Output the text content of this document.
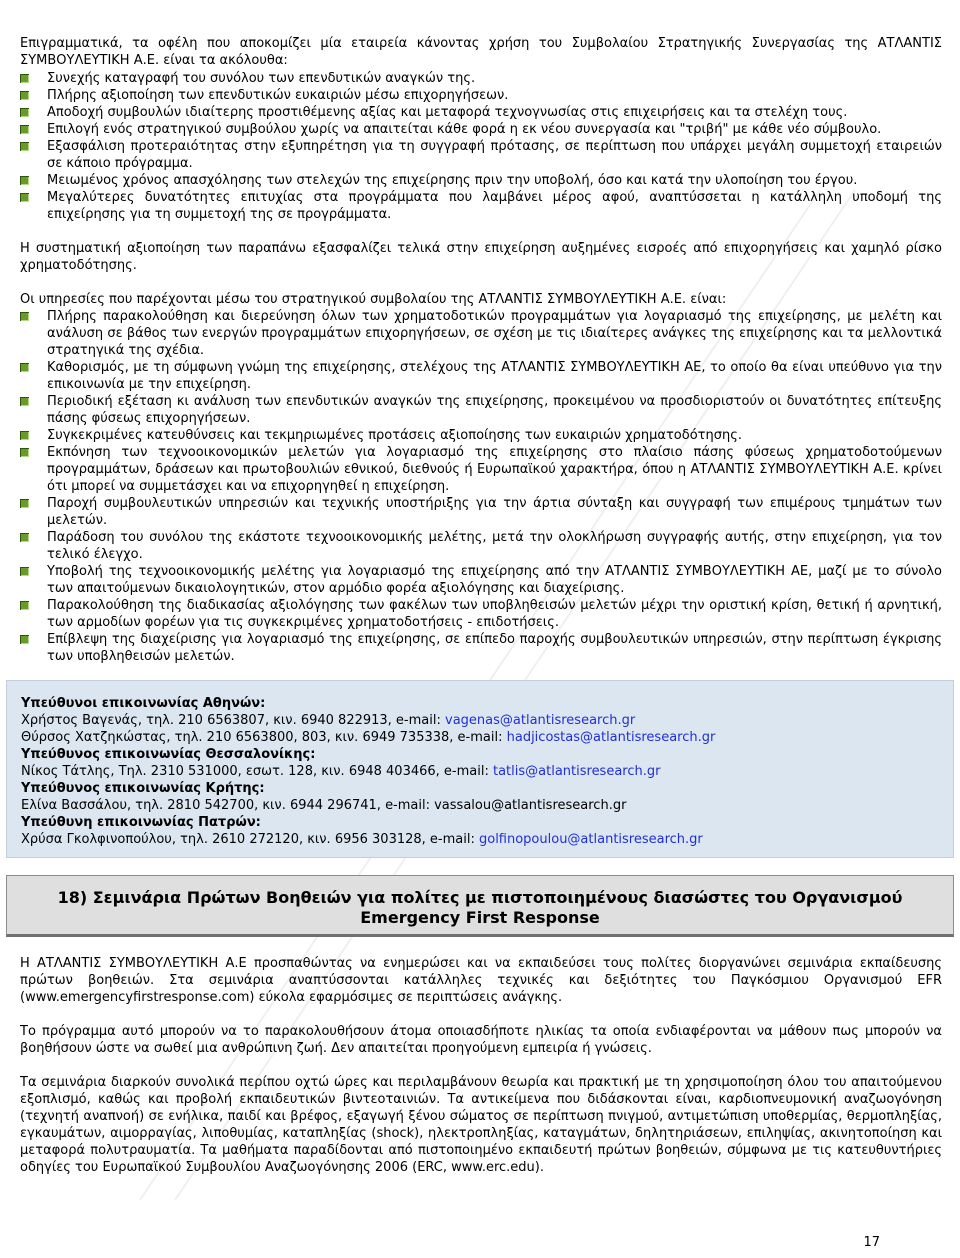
Επιγραμματικά, τα οφέλη που αποκομίζει μία εταιρεία κάνοντας χρήση του Συμβολαίου Στρατηγικής Συνεργασίας της ΑΤΛΑΝΤΙΣ ΣΥΜΒΟΥΛΕΥΤΙΚΗ Α.Ε. είναι τα ακόλουθα:

Συνεχής καταγραφή του συνόλου των επενδυτικών αναγκών της.
Πλήρης αξιοποίηση των επενδυτικών ευκαιριών μέσω επιχορηγήσεων.
Αποδοχή συμβουλών ιδιαίτερης προστιθέμενης αξίας και μεταφορά τεχνογνωσίας στις επιχειρήσεις και τα στελέχη τους.
Επιλογή ενός στρατηγικού συμβούλου χωρίς να απαιτείται κάθε φορά η εκ νέου συνεργασία και "τριβή" με κάθε νέο σύμβουλο.
Εξασφάλιση προτεραιότητας στην εξυπηρέτηση για τη συγγραφή πρότασης, σε περίπτωση που υπάρχει μεγάλη συμμετοχή εταιρειών σε κάποιο πρόγραμμα.
Μειωμένος χρόνος απασχόλησης των στελεχών της επιχείρησης πριν την υποβολή, όσο και κατά την υλοποίηση του έργου.
Μεγαλύτερες δυνατότητες επιτυχίας στα προγράμματα που λαμβάνει μέρος αφού, αναπτύσσεται η κατάλληλη υποδομή της επιχείρησης για τη συμμετοχή της σε προγράμματα.

Η συστηματική αξιοποίηση των παραπάνω εξασφαλίζει τελικά στην επιχείρηση αυξημένες εισροές από επιχορηγήσεις και χαμηλό ρίσκο χρηματοδότησης.

Οι υπηρεσίες που παρέχονται μέσω του στρατηγικού συμβολαίου της ΑΤΛΑΝΤΙΣ ΣΥΜΒΟΥΛΕΥΤΙΚΗ Α.Ε. είναι:

Πλήρης παρακολούθηση και διερεύνηση όλων των χρηματοδοτικών προγραμμάτων για λογαριασμό της επιχείρησης, με μελέτη και ανάλυση σε βάθος των ενεργών προγραμμάτων επιχορηγήσεων, σε σχέση με τις ιδιαίτερες ανάγκες της επιχείρησης και τα μελλοντικά στρατηγικά της σχέδια.
Καθορισμός, με τη σύμφωνη γνώμη της επιχείρησης, στελέχους της ΑΤΛΑΝΤΙΣ ΣΥΜΒΟΥΛΕΥΤΙΚΗ ΑΕ, το οποίο θα είναι υπεύθυνο για την επικοινωνία με την επιχείρηση.
Περιοδική εξέταση κι ανάλυση των επενδυτικών αναγκών της επιχείρησης, προκειμένου να προσδιοριστούν οι δυνατότητες επίτευξης πάσης φύσεως επιχορηγήσεων.
Συγκεκριμένες κατευθύνσεις και τεκμηριωμένες προτάσεις αξιοποίησης των ευκαιριών χρηματοδότησης.
Εκπόνηση των τεχνοοικονομικών μελετών για λογαριασμό της επιχείρησης στο πλαίσιο πάσης φύσεως χρηματοδοτούμενων προγραμμάτων, δράσεων και πρωτοβουλιών εθνικού, διεθνούς ή Ευρωπαϊκού χαρακτήρα, όπου η ΑΤΛΑΝΤΙΣ ΣΥΜΒΟΥΛΕΥΤΙΚΗ Α.Ε. κρίνει ότι μπορεί να συμμετάσχει και να επιχορηγηθεί η επιχείρηση.
Παροχή συμβουλευτικών υπηρεσιών και τεχνικής υποστήριξης για την άρτια σύνταξη και συγγραφή των επιμέρους τμημάτων των μελετών.
Παράδοση του συνόλου της εκάστοτε τεχνοοικονομικής μελέτης, μετά την ολοκλήρωση συγγραφής αυτής, στην επιχείρηση, για τον τελικό έλεγχο.
Υποβολή της τεχνοοικονομικής μελέτης για λογαριασμό της επιχείρησης από την ΑΤΛΑΝΤΙΣ ΣΥΜΒΟΥΛΕΥΤΙΚΗ ΑΕ, μαζί με το σύνολο των απαιτούμενων δικαιολογητικών, στον αρμόδιο φορέα αξιολόγησης και διαχείρισης.
Παρακολούθηση της διαδικασίας αξιολόγησης των φακέλων των υποβληθεισών μελετών μέχρι την οριστική κρίση, θετική ή αρνητική, των αρμοδίων φορέων για τις συγκεκριμένες χρηματοδοτήσεις - επιδοτήσεις.
Επίβλεψη της διαχείρισης για λογαριασμό της επιχείρησης, σε επίπεδο παροχής συμβουλευτικών υπηρεσιών, στην περίπτωση έγκρισης των υποβληθεισών μελετών.
Υπεύθυνοι επικοινωνίας Αθηνών:
Χρήστος Βαγενάς, τηλ. 210 6563807, κιν. 6940 822913, e-mail: vagenas@atlantisresearch.gr
Θύρσος Χατζηκώστας, τηλ. 210 6563800, 803, κιν. 6949 735338, e-mail: hadjicostas@atlantisresearch.gr
Υπεύθυνος επικοινωνίας Θεσσαλονίκης:
Νίκος Τάτλης, Τηλ. 2310 531000, εσωτ. 128, κιν. 6948 403466, e-mail: tatlis@atlantisresearch.gr
Υπεύθυνος επικοινωνίας Κρήτης:
Ελίνα Βασσάλου, τηλ. 2810 542700, κιν. 6944 296741, e-mail: vassalou@atlantisresearch.gr
Υπεύθυνη επικοινωνίας Πατρών:
Χρύσα Γκολφινοπούλου, τηλ. 2610 272120, κιν. 6956 303128, e-mail: golfinopoulou@atlantisresearch.gr
18) Σεμινάρια Πρώτων Βοηθειών για πολίτες με πιστοποιημένους διασώστες του Οργανισμού
Emergency First Response

Η ΑΤΛΑΝΤΙΣ ΣΥΜΒΟΥΛΕΥΤΙΚΗ Α.Ε προσπαθώντας να ενημερώσει και να εκπαιδεύσει τους πολίτες διοργανώνει σεμινάρια εκπαίδευσης πρώτων βοηθειών. Στα σεμινάρια αναπτύσσονται κατάλληλες τεχνικές και δεξιότητες του Παγκόσμιου Οργανισμού EFR (www.emergencyfirstresponse.com) εύκολα εφαρμόσιμες σε περιπτώσεις ανάγκης.

Το πρόγραμμα αυτό μπορούν να το παρακολουθήσουν άτομα οποιασδήποτε ηλικίας τα οποία ενδιαφέρονται να μάθουν πως μπορούν να βοηθήσουν ώστε να σωθεί μια ανθρώπινη ζωή. Δεν απαιτείται προηγούμενη εμπειρία ή γνώσεις.

Τα σεμινάρια διαρκούν συνολικά περίπου οχτώ ώρες και περιλαμβάνουν θεωρία και πρακτική με τη χρησιμοποίηση όλου του απαιτούμενου εξοπλισμό, καθώς και προβολή εκπαιδευτικών βιντεοταινιών. Τα αντικείμενα που διδάσκονται είναι, καρδιοπνευμονική αναζωογόνηση (τεχνητή αναπνοή) σε ενήλικα, παιδί και βρέφος, εξαγωγή ξένου σώματος σε περίπτωση πνιγμού, αντιμετώπιση υποθερμίας, θερμοπληξίας, εγκαυμάτων, αιμορραγίας, λιποθυμίας, καταπληξίας (shock), ηλεκτροπληξίας, καταγμάτων, δηλητηριάσεων, επιληψίας, ακινητοποίηση και μεταφορά πολυτραυματία. Τα μαθήματα παραδίδονται από πιστοποιημένο εκπαιδευτή πρώτων βοηθειών, σύμφωνα με τις κατευθυντήριες οδηγίες του Ευρωπαϊκού Συμβουλίου Αναζωογόνησης 2006 (ERC, www.erc.edu).

17
